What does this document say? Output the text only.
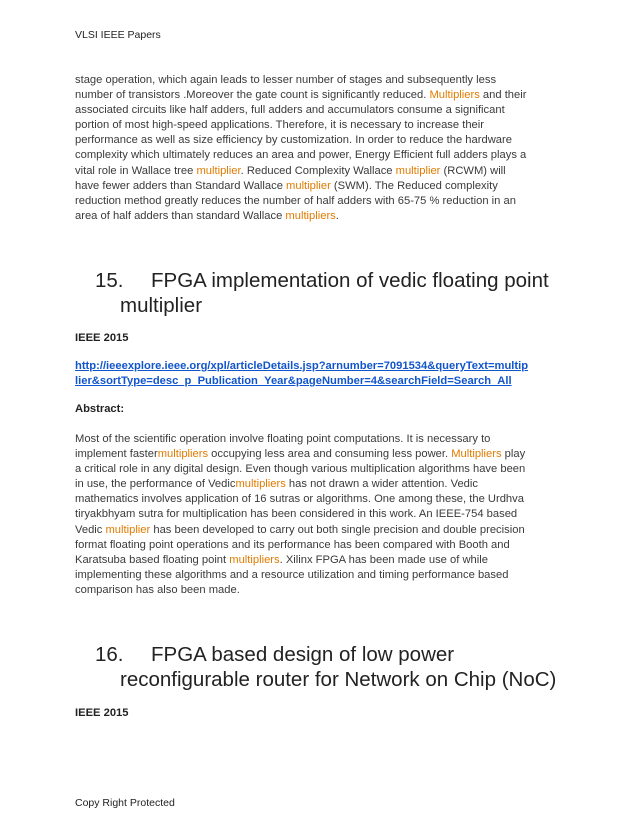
VLSI IEEE Papers

stage operation, which again leads to lesser number of stages and subsequently less

number of transistors .Moreover the gate count is significantly reduced. Multipliers and their

associated circuits like half adders, full adders and accumulators consume a significant

portion of most high-speed applications. Therefore, it is necessary to increase their

performance as well as size efficiency by customization. In order to reduce the hardware

complexity which ultimately reduces an area and power, Energy Efficient full adders plays a

vital role in Wallace tree multiplier. Reduced Complexity Wallace multiplier (RCWM) will

have fewer adders than Standard Wallace multiplier (SWM). The Reduced complexity

reduction method greatly reduces the number of half adders with 65-75 % reduction in an

area of half adders than standard Wallace multipliers.

15. FPGA implementation of vedic floating point
multiplier

IEEE 2015

http://ieeexplore.ieee.org/xpl/articleDetails.jsp?arnumber=7091534&queryText=multip
lier&sortType=desc_p_Publication_Year&pageNumber=4&searchField=Search_All

Abstract:

Most of the scientific operation involve floating point computations. It is necessary to

implement fastermultipliers occupying less area and consuming less power. Multipliers play

a critical role in any digital design. Even though various multiplication algorithms have been

in use, the performance of Vedicmultipliers has not drawn a wider attention. Vedic

mathematics involves application of 16 sutras or algorithms. One among these, the Urdhva

tiryakbhyam sutra for multiplication has been considered in this work. An IEEE-754 based

Vedic multiplier has been developed to carry out both single precision and double precision

format floating point operations and its performance has been compared with Booth and

Karatsuba based floating point multipliers. Xilinx FPGA has been made use of while

implementing these algorithms and a resource utilization and timing performance based

comparison has also been made.

16. FPGA based design of low power
reconfigurable router for Network on Chip (NoC)

IEEE 2015

Copy Right Protected
